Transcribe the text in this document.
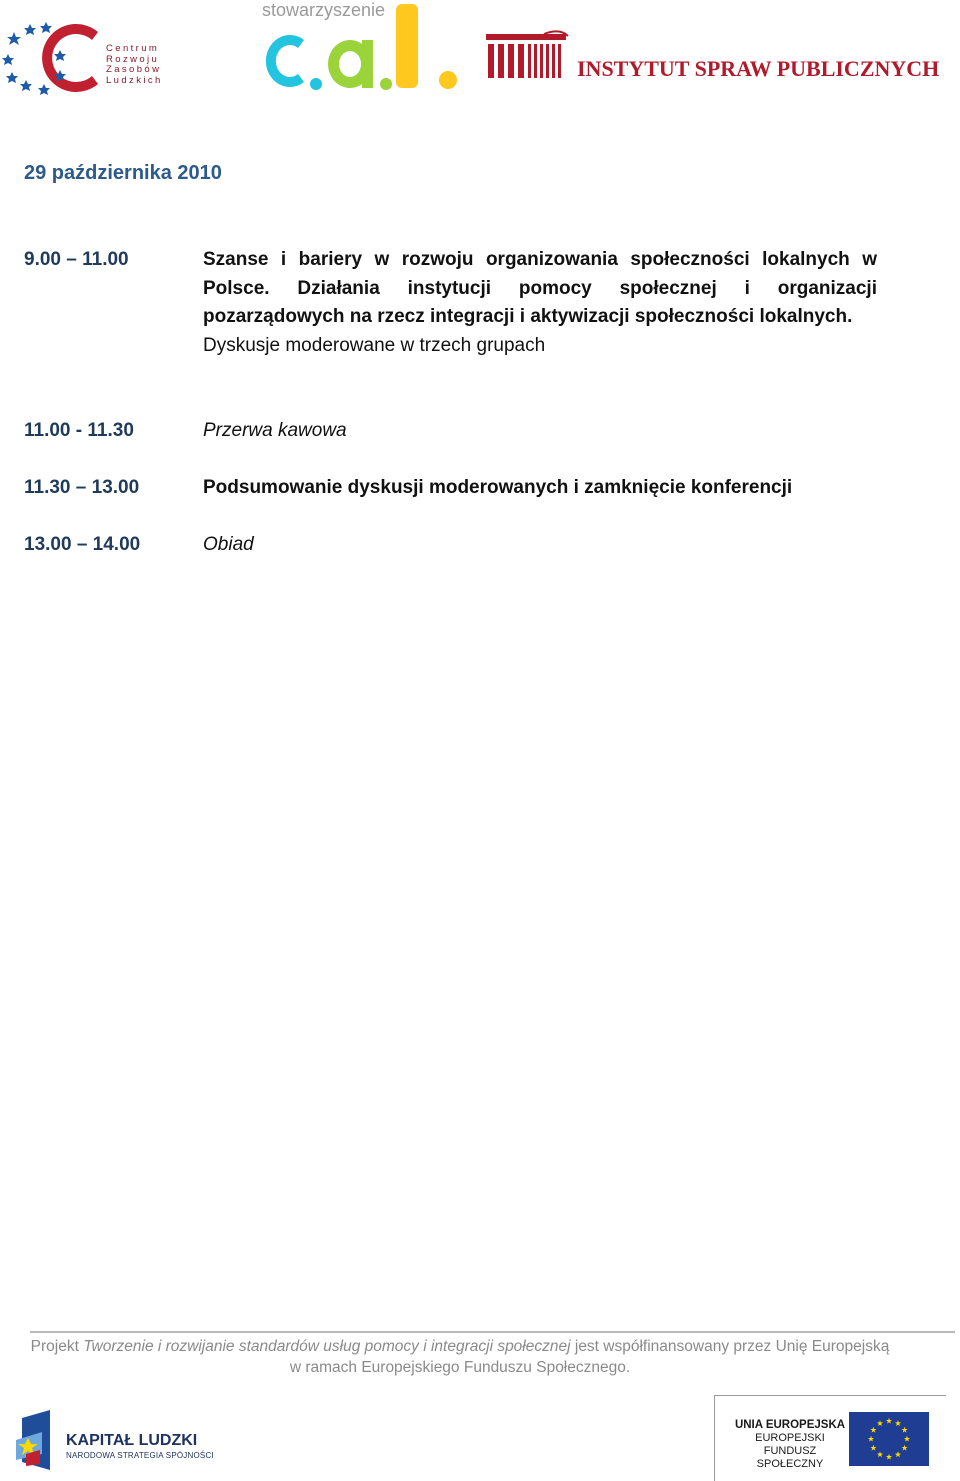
Centrum
Rozwoju
Zasobów
Ludzkich
stowarzyszenie
INSTYTUT SPRAW PUBLICZNYCH
29 października 2010
9.00 – 11.00	Szanse i bariery w rozwoju organizowania społeczności lokalnych w Polsce. Działania instytucji pomocy społecznej i organizacji pozarządowych na rzecz integracji i aktywizacji społeczności lokalnych.
Dyskusje moderowane w trzech grupach
11.00 - 11.30	Przerwa kawowa
11.30 – 13.00	Podsumowanie dyskusji moderowanych i zamknięcie konferencji
13.00 – 14.00	Obiad
Projekt Tworzenie i rozwijanie standardów usług pomocy i integracji społecznej jest współfinansowany przez Unię Europejską w ramach Europejskiego Funduszu Społecznego.
KAPITAŁ LUDZKI
NARODOWA STRATEGIA SPÓJNOŚCI
UNIA EUROPEJSKA
EUROPEJSKI
FUNDUSZ SPOŁECZNY
